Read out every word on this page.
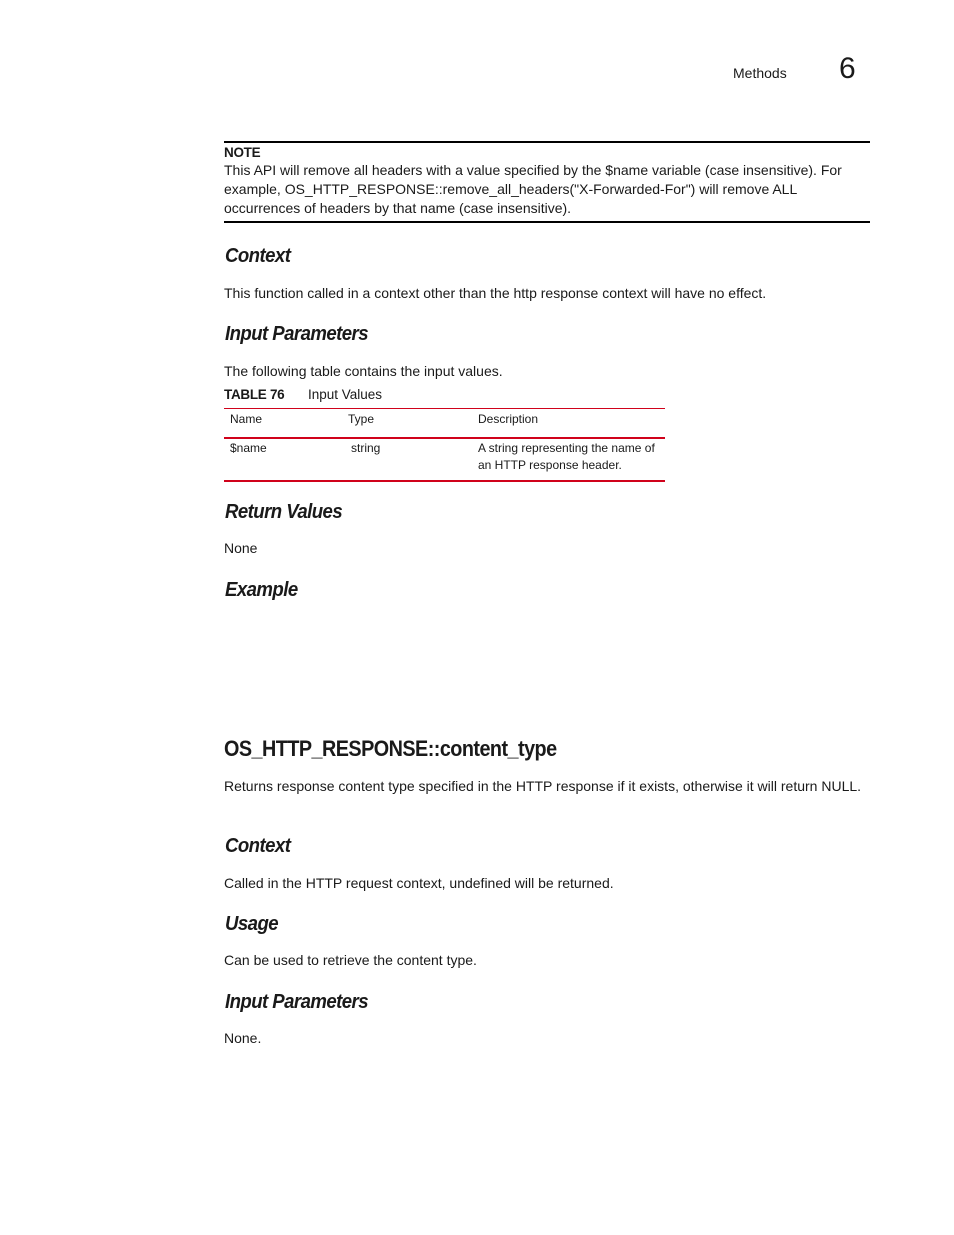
Methods 6
NOTE
This API will remove all headers with a value specified by the $name variable (case insensitive). For example, OS_HTTP_RESPONSE::remove_all_headers("X-Forwarded-For") will remove ALL occurrences of headers by that name (case insensitive).
Context
This function called in a context other than the http response context will have no effect.
Input Parameters
The following table contains the input values.
TABLE 76 Input Values
Name	Type	Description
$name	string	A string representing the name of an HTTP response header.
Return Values
None
Example
OS_HTTP_RESPONSE::content_type
Returns response content type specified in the HTTP response if it exists, otherwise it will return NULL.
Context
Called in the HTTP request context, undefined will be returned.
Usage
Can be used to retrieve the content type.
Input Parameters
None.
